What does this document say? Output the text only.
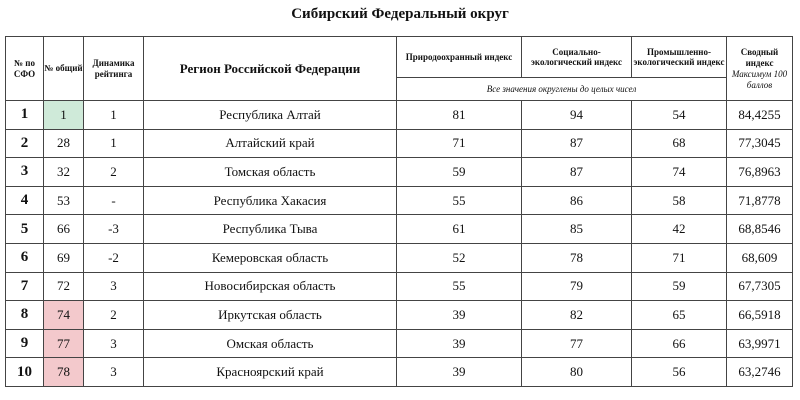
Сибирский Федеральный округ
№ по СФО	№ общий	Динамика рейтинга	Регион Российской Федерации	Природоохранный индекс	Социально-экологический индекс	Промышленно-экологический индекс	Сводный индекс
Максимум 100 баллов

				Все значения округлены до целых чисел			
1	1	1	Республика Алтай	81	94	54	84,4255
2	28	1	Алтайский край	71	87	68	77,3045
3	32	2	Томская область	59	87	74	76,8963
4	53	-	Республика Хакасия	55	86	58	71,8778
5	66	-3	Республика Тыва	61	85	42	68,8546
6	69	-2	Кемеровская область	52	78	71	68,609
7	72	3	Новосибирская область	55	79	59	67,7305
8	74	2	Иркутская область	39	82	65	66,5918
9	77	3	Омская область	39	77	66	63,9971
10	78	3	Красноярский край	39	80	56	63,2746
